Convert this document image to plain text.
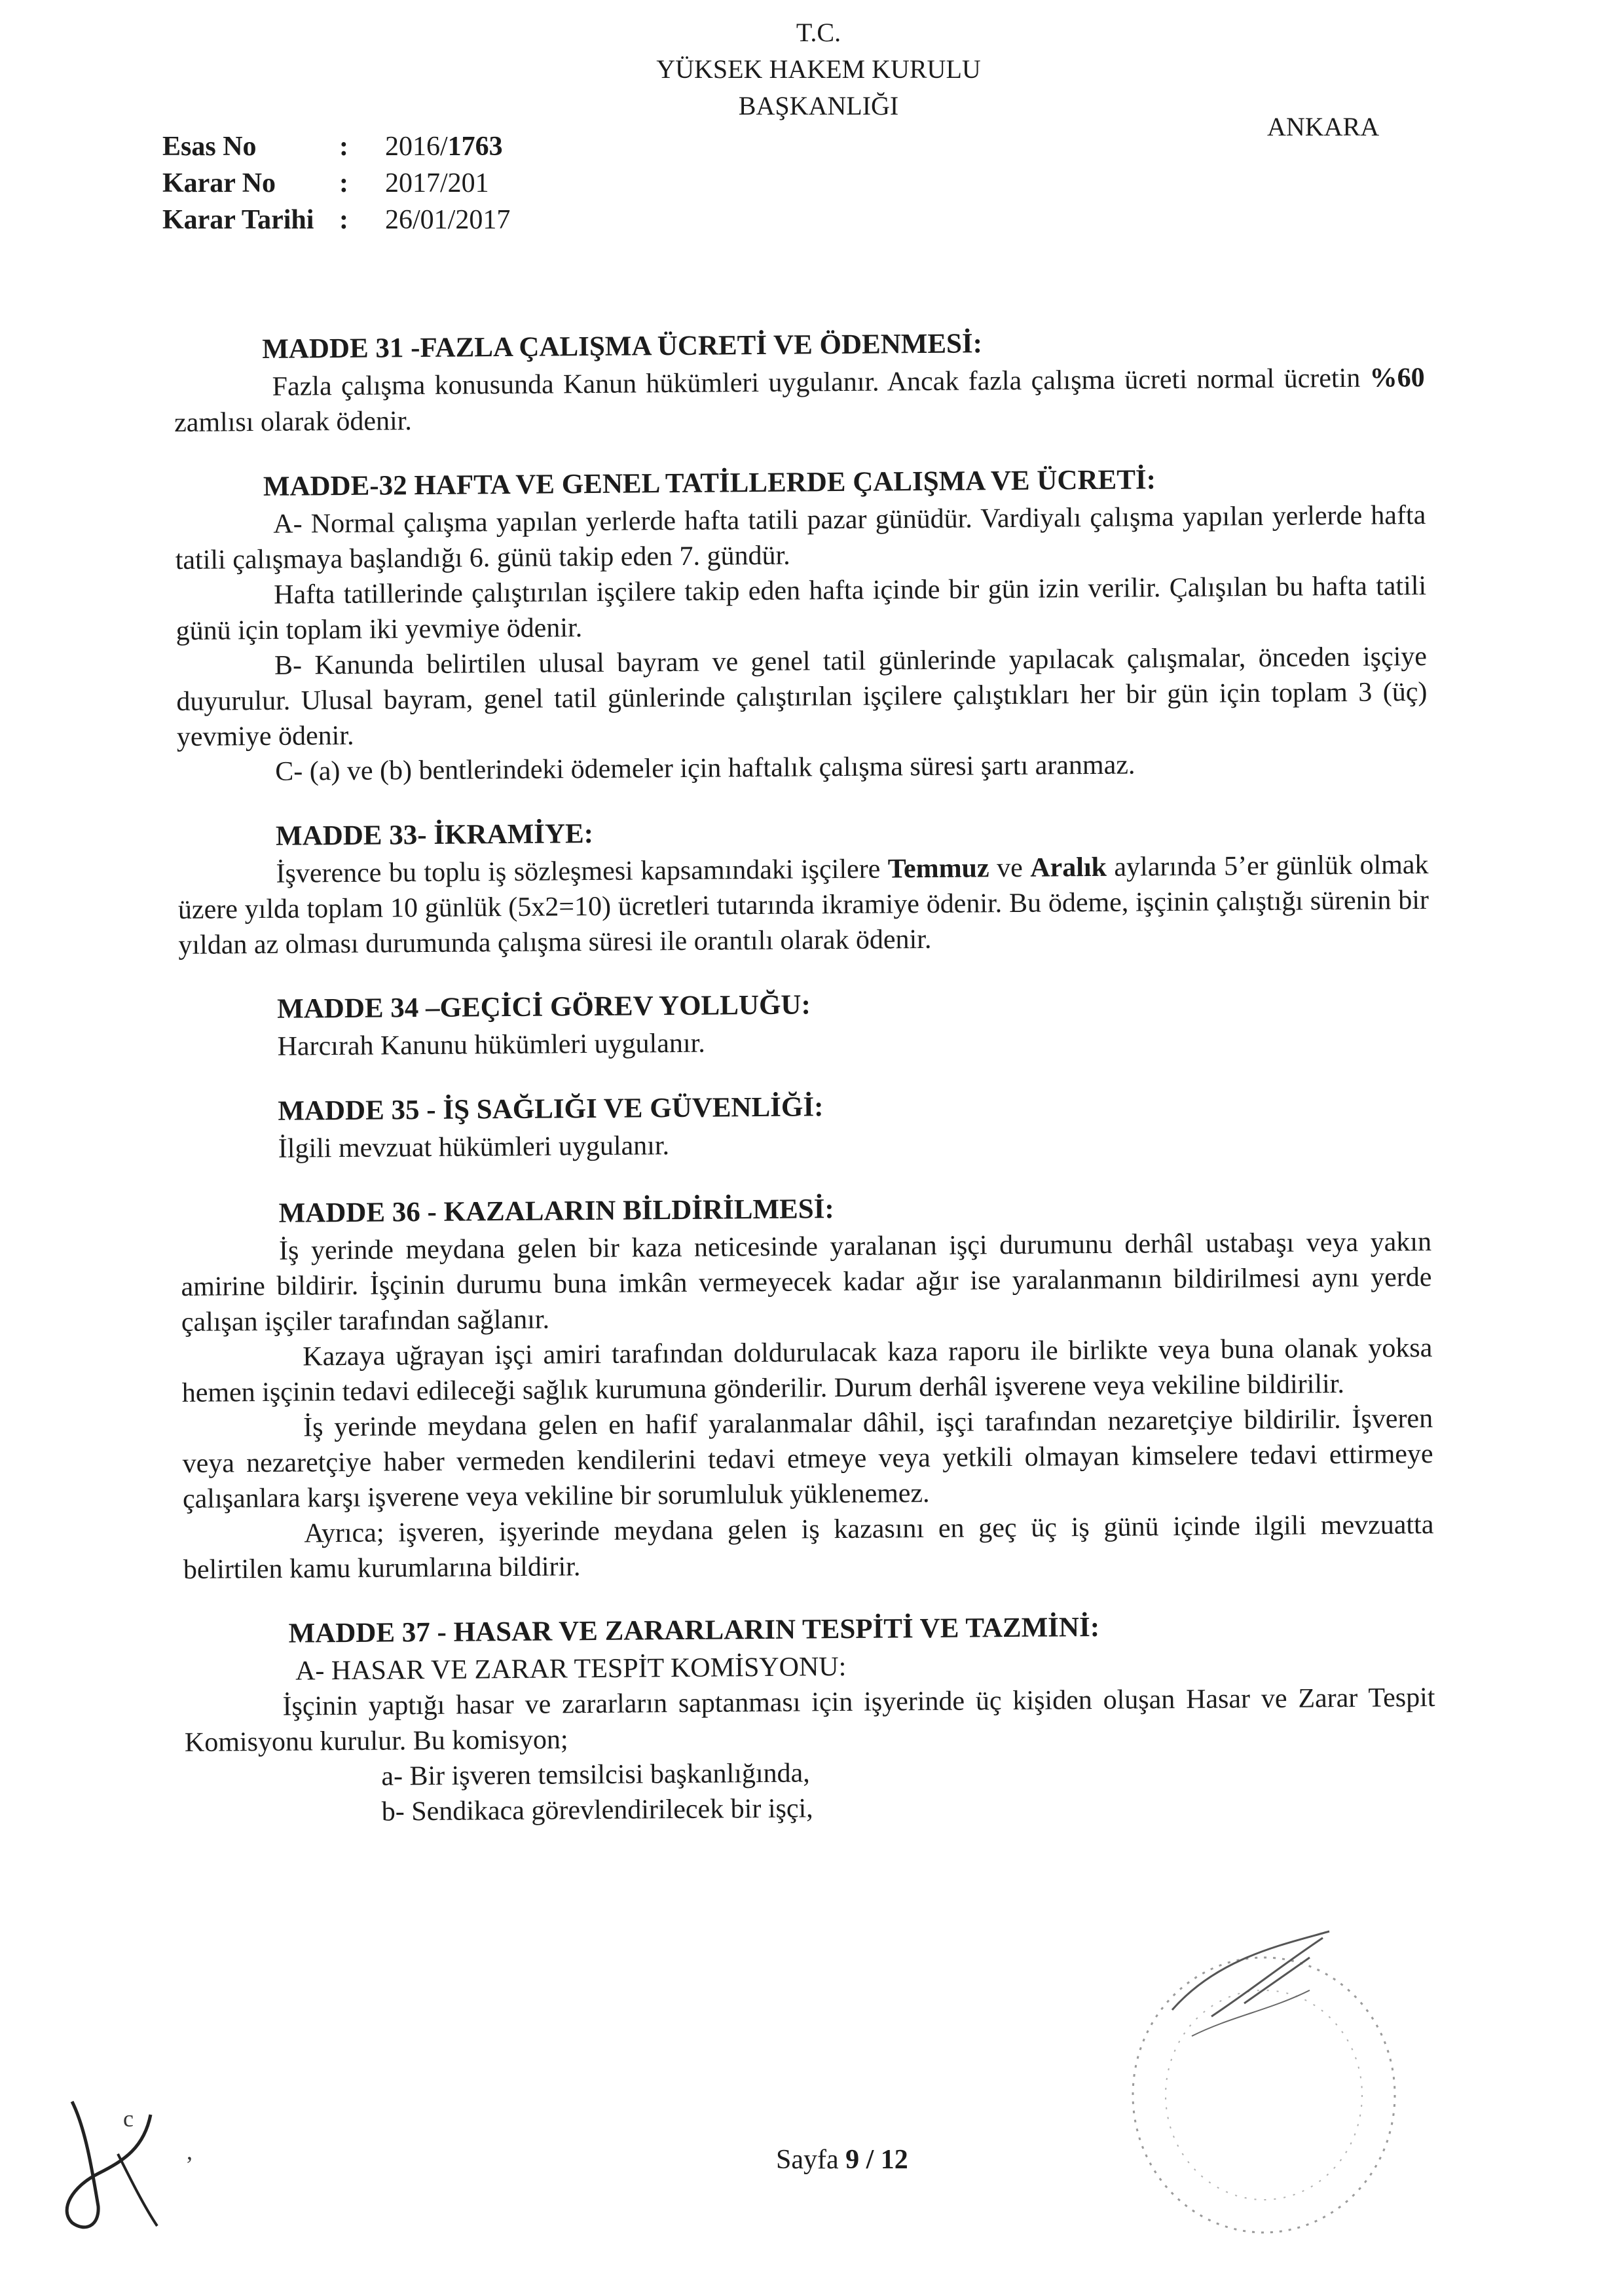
T.C.
YÜKSEK HAKEM KURULU
BAŞKANLIĞI
ANKARA
Esas No	:	2016/1763
Karar No	:	2017/201
Karar Tarihi :	26/01/2017
MADDE 31 -FAZLA ÇALIŞMA ÜCRETİ VE ÖDENMESİ:

Fazla çalışma konusunda Kanun hükümleri uygulanır. Ancak fazla çalışma ücreti normal ücretin %60 zamlısı olarak ödenir.

MADDE-32 HAFTA VE GENEL TATİLLERDE ÇALIŞMA VE ÜCRETİ:

A- Normal çalışma yapılan yerlerde hafta tatili pazar günüdür. Vardiyalı çalışma yapılan yerlerde hafta tatili çalışmaya başlandığı 6. günü takip eden 7. gündür.

Hafta tatillerinde çalıştırılan işçilere takip eden hafta içinde bir gün izin verilir. Çalışılan bu hafta tatili günü için toplam iki yevmiye ödenir.

B- Kanunda belirtilen ulusal bayram ve genel tatil günlerinde yapılacak çalışmalar, önceden işçiye duyurulur. Ulusal bayram, genel tatil günlerinde çalıştırılan işçilere çalıştıkları her bir gün için toplam 3 (üç) yevmiye ödenir.

C- (a) ve (b) bentlerindeki ödemeler için haftalık çalışma süresi şartı aranmaz.

MADDE 33- İKRAMİYE:

İşverence bu toplu iş sözleşmesi kapsamındaki işçilere Temmuz ve Aralık aylarında 5’er günlük olmak üzere yılda toplam 10 günlük (5x2=10) ücretleri tutarında ikramiye ödenir. Bu ödeme, işçinin çalıştığı sürenin bir yıldan az olması durumunda çalışma süresi ile orantılı olarak ödenir.

MADDE 34 –GEÇİCİ GÖREV YOLLUĞU:

Harcırah Kanunu hükümleri uygulanır.

MADDE 35 - İŞ SAĞLIĞI VE GÜVENLİĞİ:

İlgili mevzuat hükümleri uygulanır.

MADDE 36 - KAZALARIN BİLDİRİLMESİ:

İş yerinde meydana gelen bir kaza neticesinde yaralanan işçi durumunu derhâl ustabaşı veya yakın amirine bildirir. İşçinin durumu buna imkân vermeyecek kadar ağır ise yaralanmanın bildirilmesi aynı yerde çalışan işçiler tarafından sağlanır.

Kazaya uğrayan işçi amiri tarafından doldurulacak kaza raporu ile birlikte veya buna olanak yoksa hemen işçinin tedavi edileceği sağlık kurumuna gönderilir. Durum derhâl işverene veya vekiline bildirilir.

İş yerinde meydana gelen en hafif yaralanmalar dâhil, işçi tarafından nezaretçiye bildirilir. İşveren veya nezaretçiye haber vermeden kendilerini tedavi etmeye veya yetkili olmayan kimselere tedavi ettirmeye çalışanlara karşı işverene veya vekiline bir sorumluluk yüklenemez.

Ayrıca; işveren, işyerinde meydana gelen iş kazasını en geç üç iş günü içinde ilgili mevzuatta belirtilen kamu kurumlarına bildirir.

MADDE 37 - HASAR VE ZARARLARIN TESPİTİ VE TAZMİNİ:

A- HASAR VE ZARAR TESPİT KOMİSYONU:

İşçinin yaptığı hasar ve zararların saptanması için işyerinde üç kişiden oluşan Hasar ve Zarar Tespit Komisyonu kurulur. Bu komisyon;

a- Bir işveren temsilcisi başkanlığında,

b- Sendikaca görevlendirilecek bir işçi,

Sayfa 9 / 12
c
,
